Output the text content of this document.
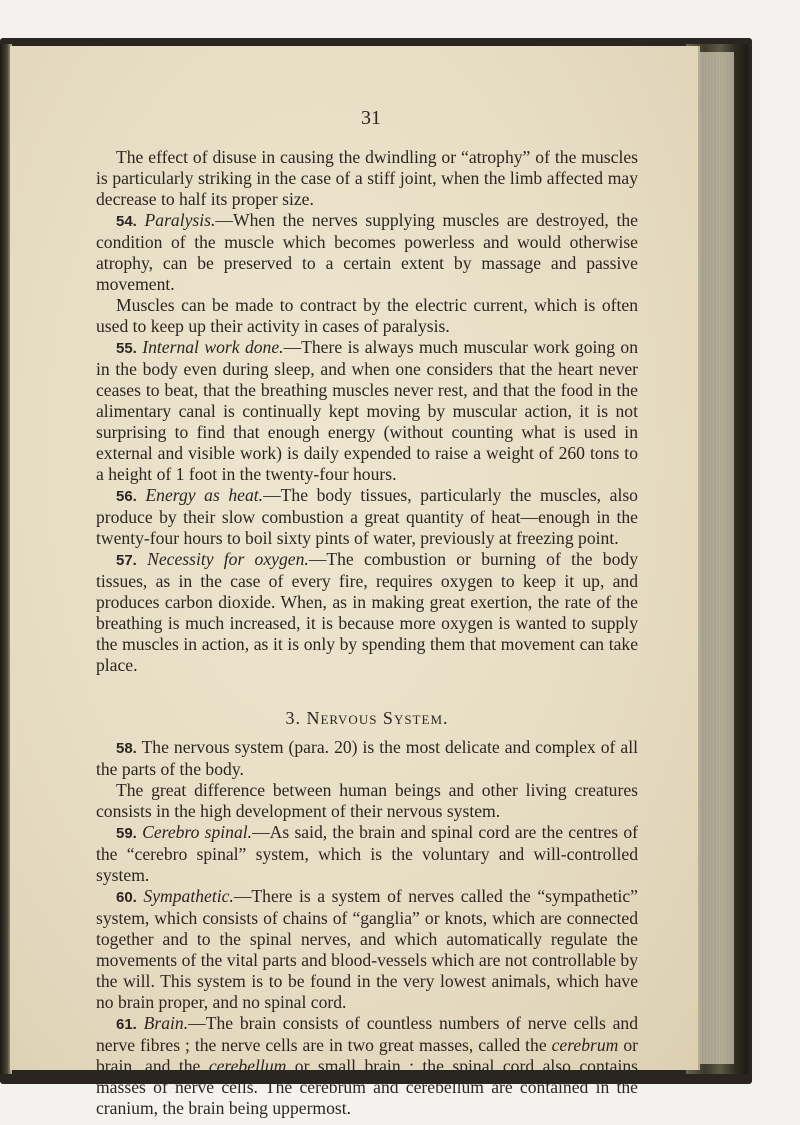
31

The effect of disuse in causing the dwindling or “atrophy” of the muscles is particularly striking in the case of a stiff joint, when the limb affected may decrease to half its proper size.

54. Paralysis.—When the nerves supplying muscles are destroyed, the condition of the muscle which becomes powerless and would otherwise atrophy, can be preserved to a certain extent by massage and passive movement.

Muscles can be made to contract by the electric current, which is often used to keep up their activity in cases of paralysis.

55. Internal work done.—There is always much muscular work going on in the body even during sleep, and when one considers that the heart never ceases to beat, that the breathing muscles never rest, and that the food in the alimentary canal is continually kept moving by muscular action, it is not surprising to find that enough energy (without counting what is used in external and visible work) is daily expended to raise a weight of 260 tons to a height of 1 foot in the twenty-four hours.

56. Energy as heat.—The body tissues, particularly the muscles, also produce by their slow combustion a great quantity of heat—enough in the twenty-four hours to boil sixty pints of water, previously at freezing point.

57. Necessity for oxygen.—The combustion or burning of the body tissues, as in the case of every fire, requires oxygen to keep it up, and produces carbon dioxide. When, as in making great exertion, the rate of the breathing is much increased, it is because more oxygen is wanted to supply the muscles in action, as it is only by spending them that movement can take place.

3. Nervous System.

58. The nervous system (para. 20) is the most delicate and complex of all the parts of the body.

The great difference between human beings and other living creatures consists in the high development of their nervous system.

59. Cerebro spinal.—As said, the brain and spinal cord are the centres of the “cerebro spinal” system, which is the voluntary and will-controlled system.

60. Sympathetic.—There is a system of nerves called the “sympathetic” system, which consists of chains of “ganglia” or knots, which are connected together and to the spinal nerves, and which automatically regulate the movements of the vital parts and blood-vessels which are not controllable by the will. This system is to be found in the very lowest animals, which have no brain proper, and no spinal cord.

61. Brain.—The brain consists of countless numbers of nerve cells and nerve fibres ; the nerve cells are in two great masses, called the cerebrum or brain, and the cerebellum or small brain ; the spinal cord also contains masses of nerve cells. The cerebrum and cerebellum are contained in the cranium, the brain being uppermost.
